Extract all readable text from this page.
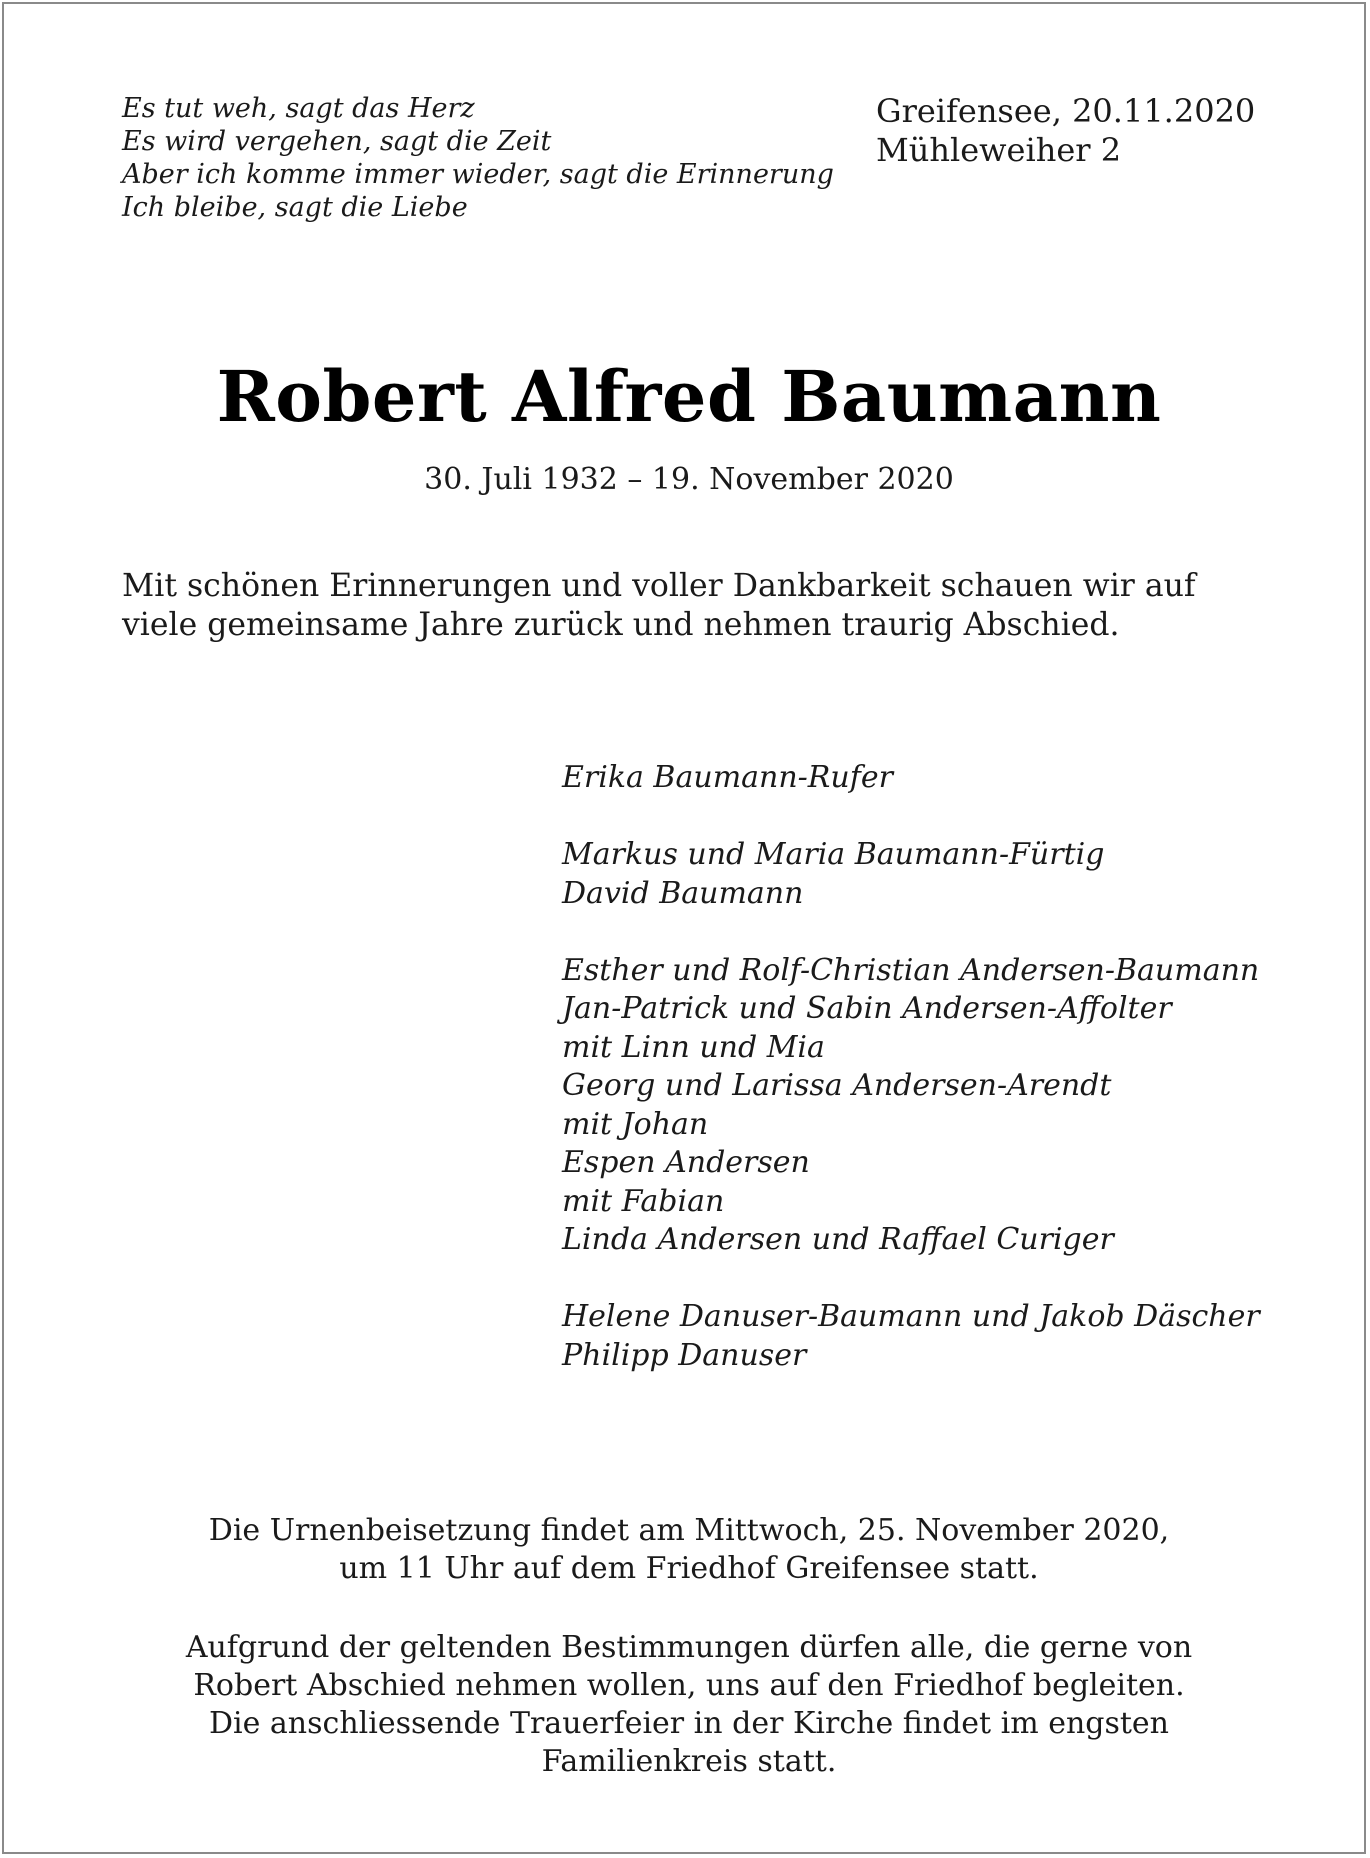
Es tut weh, sagt das Herz
Es wird vergehen, sagt die Zeit
Aber ich komme immer wieder, sagt die Erinnerung
Ich bleibe, sagt die Liebe
Greifensee, 20.11.2020
Mühleweiher 2
Robert Alfred Baumann
30. Juli 1932 – 19. November 2020
Mit schönen Erinnerungen und voller Dankbarkeit schauen wir auf
viele gemeinsame Jahre zurück und nehmen traurig Abschied.
Erika Baumann-Rufer
Markus und Maria Baumann-Fürtig
David Baumann
Esther und Rolf-Christian Andersen-Baumann
Jan-Patrick und Sabin Andersen-Affolter
mit Linn und Mia
Georg und Larissa Andersen-Arendt
mit Johan
Espen Andersen
mit Fabian
Linda Andersen und Raffael Curiger
Helene Danuser-Baumann und Jakob Däscher
Philipp Danuser
Die Urnenbeisetzung findet am Mittwoch, 25. November 2020,
um 11 Uhr auf dem Friedhof Greifensee statt.
Aufgrund der geltenden Bestimmungen dürfen alle, die gerne von
Robert Abschied nehmen wollen, uns auf den Friedhof begleiten.
Die anschliessende Trauerfeier in der Kirche findet im engsten
Familienkreis statt.
